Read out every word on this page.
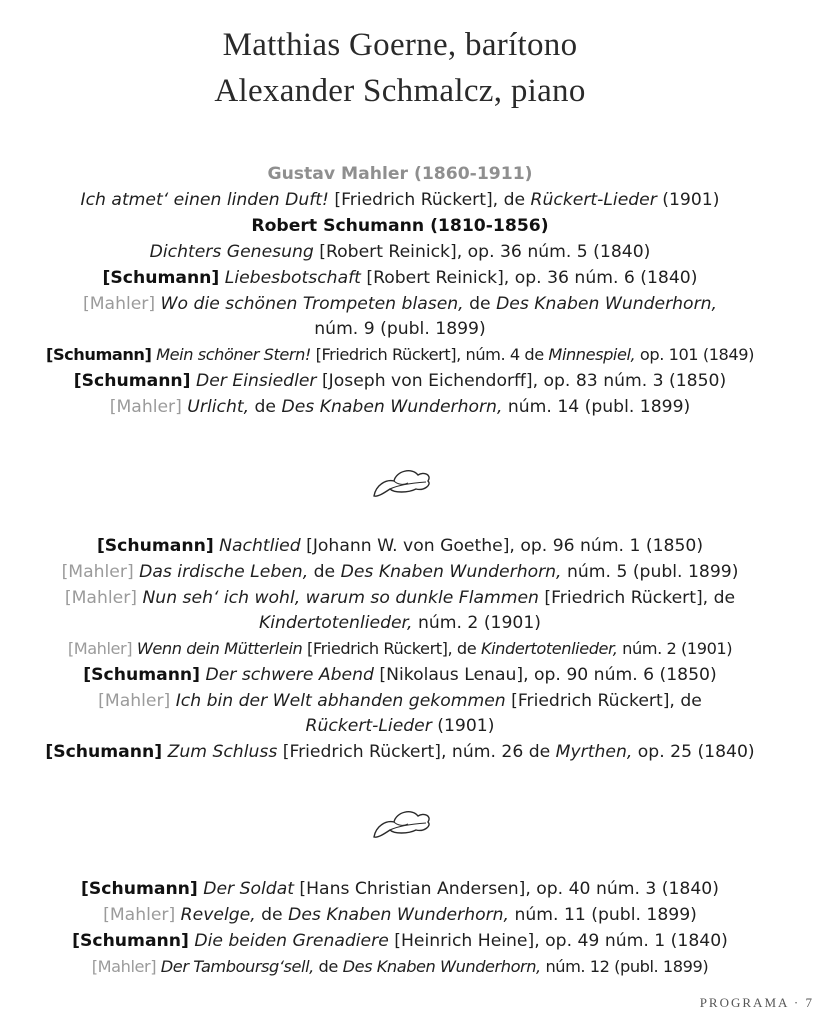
Matthias Goerne, barítono
Alexander Schmalcz, piano
Gustav Mahler (1860-1911)
Ich atmet‘ einen linden Duft! [Friedrich Rückert], de Rückert-Lieder (1901)
Robert Schumann (1810-1856)
Dichters Genesung [Robert Reinick], op. 36 núm. 5 (1840)
[Schumann] Liebesbotschaft [Robert Reinick], op. 36 núm. 6 (1840)
[Mahler] Wo die schönen Trompeten blasen, de Des Knaben Wunderhorn,
núm. 9 (publ. 1899)
[Schumann] Mein schöner Stern! [Friedrich Rückert], núm. 4 de Minnespiel, op. 101 (1849)
[Schumann] Der Einsiedler [Joseph von Eichendorff], op. 83 núm. 3 (1850)
[Mahler] Urlicht, de Des Knaben Wunderhorn, núm. 14 (publ. 1899)
[Schumann] Nachtlied [Johann W. von Goethe], op. 96 núm. 1 (1850)
[Mahler] Das irdische Leben, de Des Knaben Wunderhorn, núm. 5 (publ. 1899)
[Mahler] Nun seh‘ ich wohl, warum so dunkle Flammen [Friedrich Rückert], de
Kindertotenlieder, núm. 2 (1901)
[Mahler] Wenn dein Mütterlein [Friedrich Rückert], de Kindertotenlieder, núm. 2 (1901)
[Schumann] Der schwere Abend [Nikolaus Lenau], op. 90 núm. 6 (1850)
[Mahler] Ich bin der Welt abhanden gekommen [Friedrich Rückert], de
Rückert-Lieder (1901)
[Schumann] Zum Schluss [Friedrich Rückert], núm. 26 de Myrthen, op. 25 (1840)
[Schumann] Der Soldat [Hans Christian Andersen], op. 40 núm. 3 (1840)
[Mahler] Revelge, de Des Knaben Wunderhorn, núm. 11 (publ. 1899)
[Schumann] Die beiden Grenadiere [Heinrich Heine], op. 49 núm. 1 (1840)
[Mahler] Der Tamboursg‘sell, de Des Knaben Wunderhorn, núm. 12 (publ. 1899)
PROGRAMA · 7
